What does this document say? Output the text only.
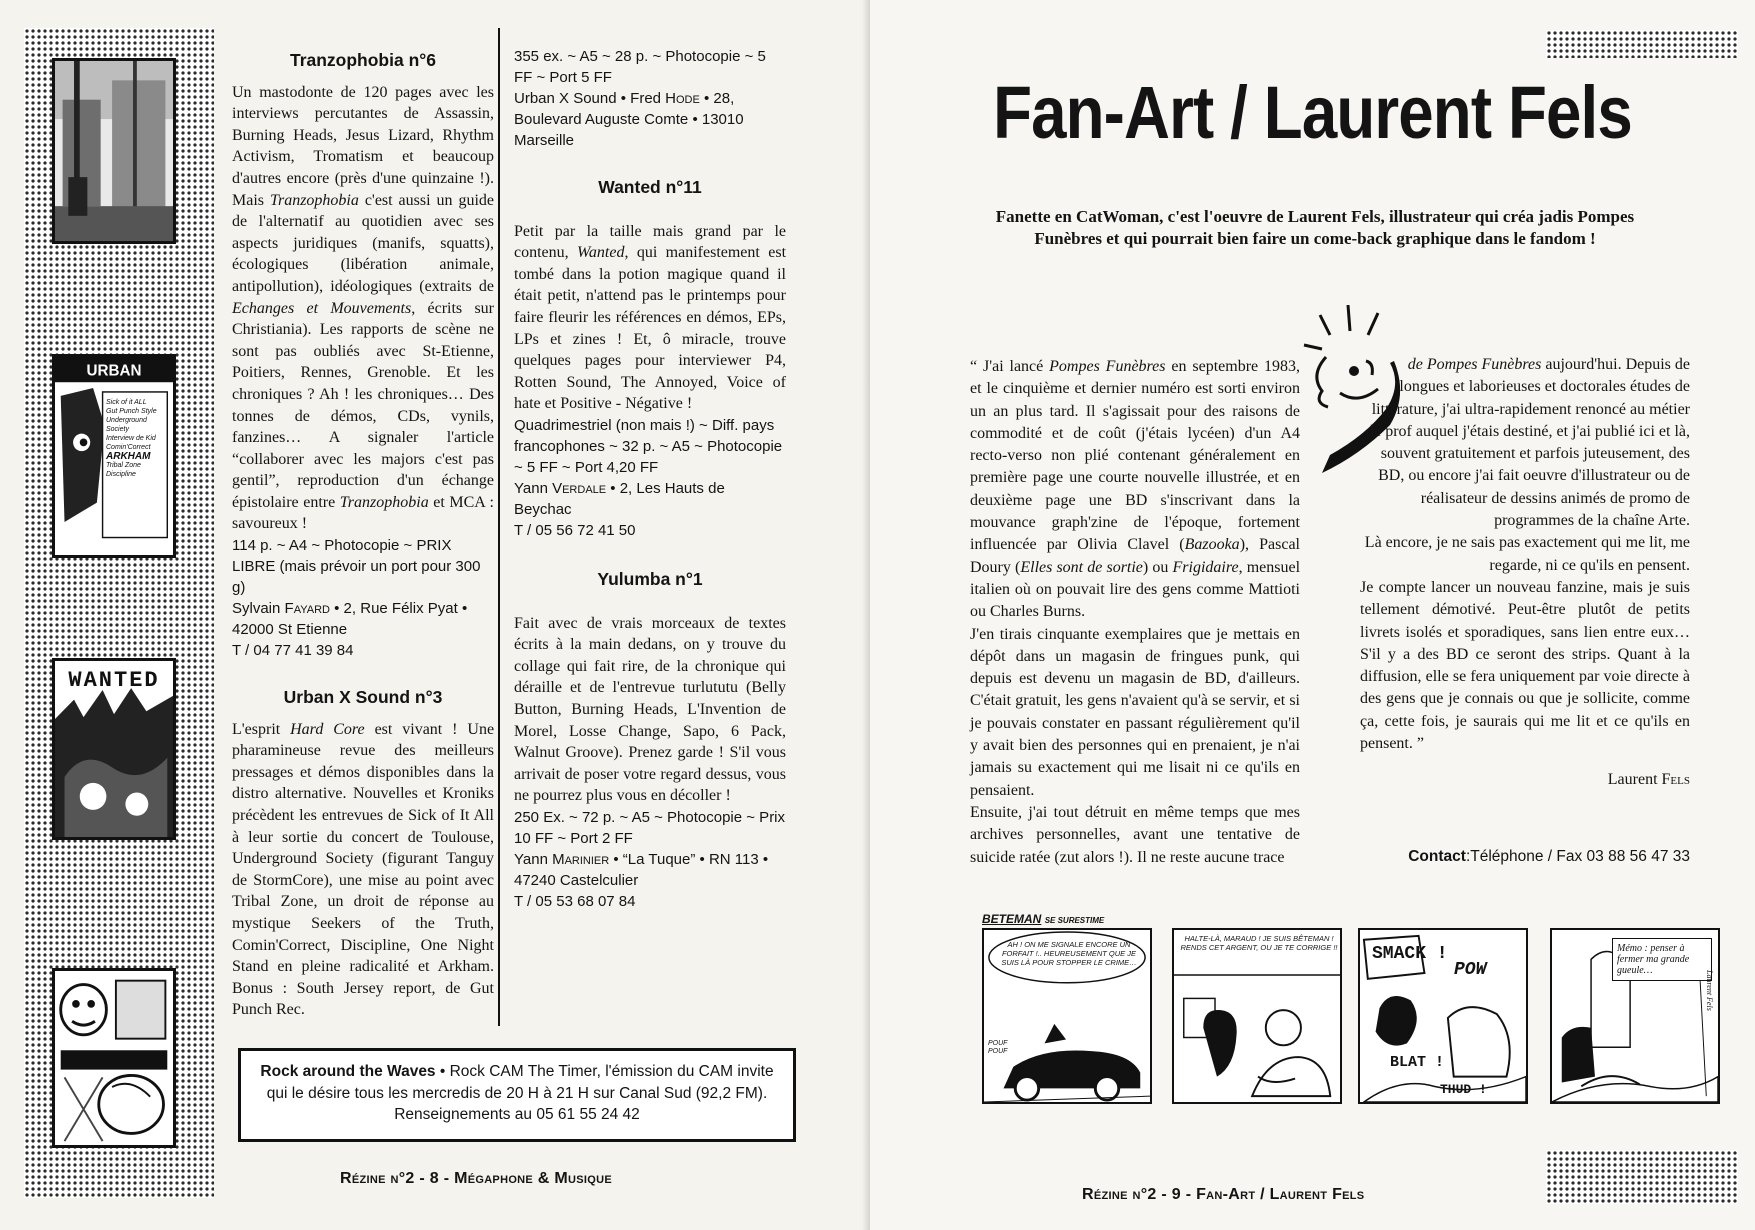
URBAN
Sick of it ALL
Gut Punch Style
Underground Society
Interview de Kid
Comin'Correct
ARKHAM
Tribal Zone
Discipline
WANTED
Tranzophobia n°6

Un mastodonte de 120 pages avec les interviews percutantes de Assassin, Burning Heads, Jesus Lizard, Rhythm Activism, Tromatism et beaucoup d'autres encore (près d'une quinzaine !). Mais Tranzophobia c'est aussi un guide de l'alternatif au quotidien avec ses aspects juridiques (manifs, squatts), écologiques (libération animale, antipollution), idéologiques (extraits de Echanges et Mouvements, écrits sur Christiania). Les rapports de scène ne sont pas oubliés avec St-Etienne, Poitiers, Rennes, Grenoble. Et les chroniques ? Ah ! les chroniques… Des tonnes de démos, CDs, vynils, fanzines… A signaler l'article “collaborer avec les majors c'est pas gentil”, reproduction d'un échange épistolaire entre Tranzophobia et MCA : savoureux !

114 p. ~ A4 ~ Photocopie ~ PRIX LIBRE (mais prévoir un port pour 300 g)

Sylvain Fayard • 2, Rue Félix Pyat • 42000 St Etienne

T / 04 77 41 39 84

Urban X Sound n°3

L'esprit Hard Core est vivant ! Une pharamineuse revue des meilleurs pressages et démos disponibles dans la distro alternative. Nouvelles et Kroniks précèdent les entrevues de Sick of It All à leur sortie du concert de Toulouse, Underground Society (figurant Tanguy de StormCore), une mise au point avec Tribal Zone, un droit de réponse au mystique Seekers of the Truth, Comin'Correct, Discipline, One Night Stand en pleine radicalité et Arkham. Bonus : South Jersey report, de Gut Punch Rec.

355 ex. ~ A5 ~ 28 p. ~ Photocopie ~ 5 FF ~ Port 5 FF

Urban X Sound • Fred Hode • 28, Boulevard Auguste Comte • 13010 Marseille

Wanted n°11

Petit par la taille mais grand par le contenu, Wanted, qui manifestement est tombé dans la potion magique quand il était petit, n'attend pas le printemps pour faire fleurir les références en démos, EPs, LPs et zines ! Et, ô miracle, trouve quelques pages pour interviewer P4, Rotten Sound, The Annoyed, Voice of hate et Positive - Négative !

Quadrimestriel (non mais !) ~ Diff. pays francophones ~ 32 p. ~ A5 ~ Photocopie ~ 5 FF ~ Port 4,20 FF

Yann Verdale • 2, Les Hauts de Beychac

T / 05 56 72 41 50

Yulumba n°1

Fait avec de vrais morceaux de textes écrits à la main dedans, on y trouve du collage qui fait rire, de la chronique qui déraille et de l'entrevue turlututu (Belly Button, Burning Heads, L'Invention de Morel, Losse Change, Sapo, 6 Pack, Walnut Groove). Prenez garde ! S'il vous arrivait de poser votre regard dessus, vous ne pourrez plus vous en décoller !

250 Ex. ~ 72 p. ~ A5 ~ Photocopie ~ Prix 10 FF ~ Port 2 FF

Yann Marinier • “La Tuque” • RN 113 • 47240 Castelculier

T / 05 53 68 07 84

Rock around the Waves • Rock CAM The Timer, l'émission du CAM invite qui le désire tous les mercredis de 20 H à 21 H sur Canal Sud (92,2 FM). Renseignements au 05 61 55 24 42
Rézine n°2 - 8 - Mégaphone & Musique
Fan-Art / Laurent Fels
Fanette en CatWoman, c'est l'oeuvre de Laurent Fels, illustrateur qui créa jadis Pompes Funèbres et qui pourrait bien faire un come-back graphique dans le fandom !
“ J'ai lancé Pompes Funèbres en septembre 1983, et le cinquième et dernier numéro est sorti environ un an plus tard. Il s'agissait pour des raisons de commodité et de coût (j'étais lycéen) d'un A4 recto-verso non plié contenant généralement en première page une courte nouvelle illustrée, et en deuxième page une BD s'inscrivant dans la mouvance graph'zine de l'époque, fortement influencée par Olivia Clavel (Bazooka), Pascal Doury (Elles sont de sortie) ou Frigidaire, mensuel italien où on pouvait lire des gens comme Mattioti ou Charles Burns.

J'en tirais cinquante exemplaires que je mettais en dépôt dans un magasin de fringues punk, qui depuis est devenu un magasin de BD, d'ailleurs. C'était gratuit, les gens n'avaient qu'à se servir, et si je pouvais constater en passant régulièrement qu'il y avait bien des personnes qui en prenaient, je n'ai jamais su exactement qui me lisait ni ce qu'ils en pensaient.

Ensuite, j'ai tout détruit en même temps que mes archives personnelles, avant une tentative de suicide ratée (zut alors !). Il ne reste aucune trace

de Pompes Funèbres aujourd'hui. Depuis de longues et laborieuses et doctorales études de littérature, j'ai ultra-rapidement renoncé au métier de prof auquel j'étais destiné, et j'ai publié ici et là, souvent gratuitement et parfois juteusement, des BD, ou encore j'ai fait oeuvre d'illustrateur ou de réalisateur de dessins animés de promo de programmes de la chaîne Arte.

Là encore, je ne sais pas exactement qui me lit, me regarde, ni ce qu'ils en pensent.

Je compte lancer un nouveau fanzine, mais je suis tellement démotivé. Peut-être plutôt de petits livrets isolés et sporadiques, sans lien entre eux… S'il y a des BD ce seront des strips. Quant à la diffusion, elle se fera uniquement par voie directe à des gens que je connais ou que je sollicite, comme ça, cette fois, je saurais qui me lit et ce qu'ils en pensent. ”

Laurent Fels

Contact:Téléphone / Fax 03 88 56 47 33
BETEMAN SE SURESTIME
AH ! ON ME SIGNALE ENCORE UN FORFAIT !.. HEUREUSEMENT QUE JE SUIS LÀ POUR STOPPER LE CRIME…
POUF POUF
HALTE-LÀ, MARAUD ! JE SUIS BÊTEMAN ! RENDS CET ARGENT, OU JE TE CORRIGE !! SMACK !
POW
BLAT !
THUD !
Mémo : penser à fermer ma grande gueule…	Laurent Fels
Rézine n°2 - 9 - Fan-Art / Laurent Fels
